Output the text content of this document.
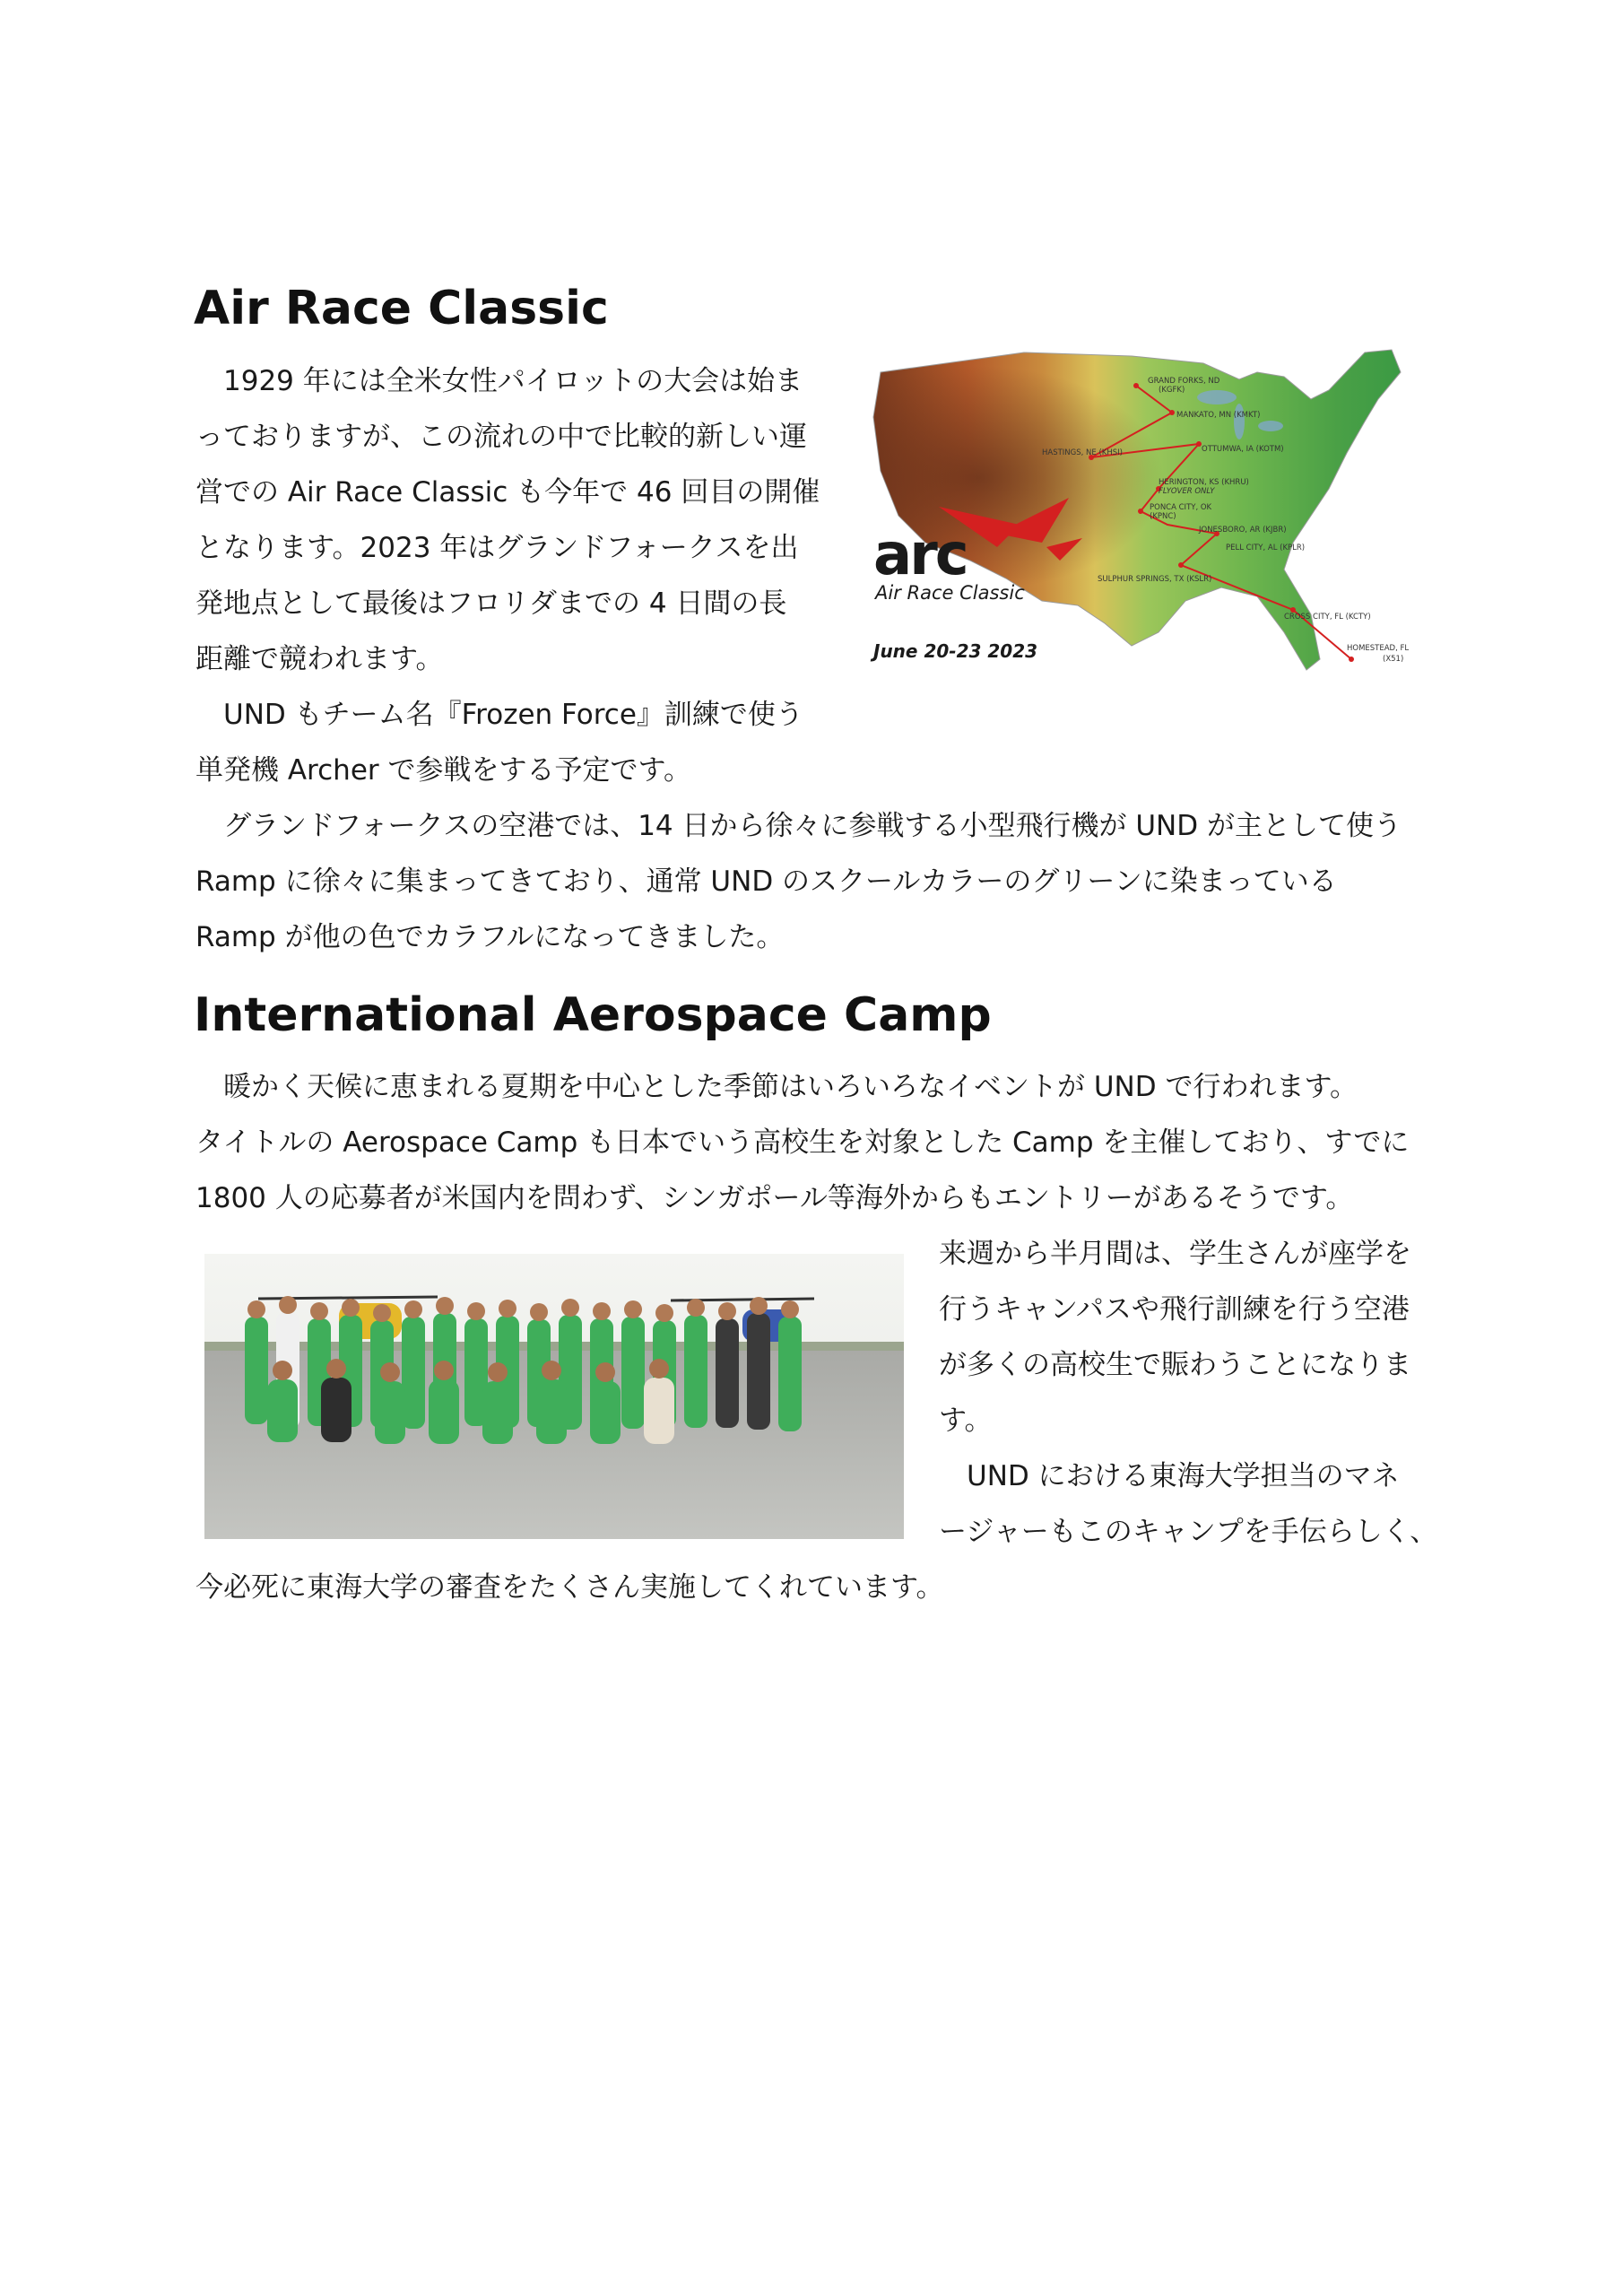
Air Race Classic

　1929 年には全米女性パイロットの大会は始ま

っておりますが、この流れの中で比較的新しい運

営での Air Race Classic も今年で 46 回目の開催

となります。2023 年はグランドフォークスを出

発地点として最後はフロリダまでの 4 日間の長

距離で競われます。

　UND もチーム名『Frozen Force』訓練で使う

単発機 Archer で参戦をする予定です。

　グランドフォークスの空港では、14 日から徐々に参戦する小型飛行機が UND が主として使う

Ramp に徐々に集まってきており、通常 UND のスクールカラーのグリーンに染まっている

Ramp が他の色でカラフルになってきました。

GRAND FORKS, ND
(KGFK)
MANKATO, MN (KMKT)
HASTINGS, NE (KHSI)	OTTUMWA, IA (KOTM)
HERINGTON, KS (KHRU)
FLYOVER ONLY
PONCA CITY, OK
(KPNC)
JONESBORO, AR (KJBR)
PELL CITY, AL (KPLR)
SULPHUR SPRINGS, TX (KSLR)
CROSS CITY, FL (KCTY)
HOMESTEAD, FL
(X51)
arc
Air Race Classic
June 20-23 2023
International Aerospace Camp

　暖かく天候に恵まれる夏期を中心とした季節はいろいろなイベントが UND で行われます。

タイトルの Aerospace Camp も日本でいう高校生を対象とした Camp を主催しており、すでに

1800 人の応募者が米国内を問わず、シンガポール等海外からもエントリーがあるそうです。

来週から半月間は、学生さんが座学を

行うキャンパスや飛行訓練を行う空港

が多くの高校生で賑わうことになりま

す。

　UND における東海大学担当のマネ

ージャーもこのキャンプを手伝らしく、

今必死に東海大学の審査をたくさん実施してくれています。
